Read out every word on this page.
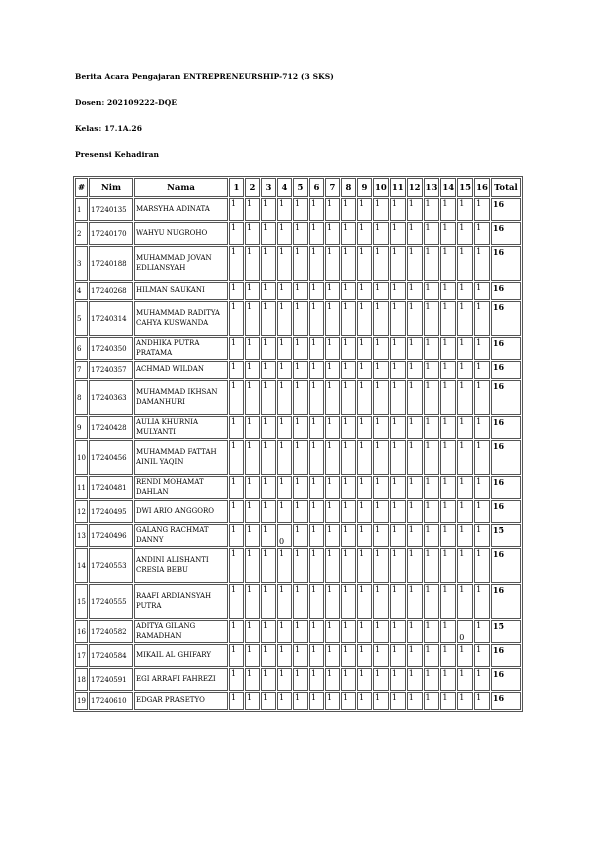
Berita Acara Pengajaran ENTREPRENEURSHIP-712 (3 SKS)
Dosen: 202109222-DQE
Kelas: 17.1A.26
Presensi Kehadiran
#	Nim	Nama	1	2	3	4	5	6	7	8	9	10	11	12	13	14	15	16	Total
1	17240135	MARSYHA ADINATA	1	1	1	1	1	1	1	1	1	1	1	1	1	1	1	1	16
2	17240170	WAHYU NUGROHO	1	1	1	1	1	1	1	1	1	1	1	1	1	1	1	1	16
3	17240188	MUHAMMAD JOVAN EDLIANSYAH	1	1	1	1	1	1	1	1	1	1	1	1	1	1	1	1	16
4	17240268	HILMAN SAUKANI	1	1	1	1	1	1	1	1	1	1	1	1	1	1	1	1	16
5	17240314	MUHAMMAD RADITYA CAHYA KUSWANDA	1	1	1	1	1	1	1	1	1	1	1	1	1	1	1	1	16
6	17240350	ANDHIKA PUTRA PRATAMA	1	1	1	1	1	1	1	1	1	1	1	1	1	1	1	1	16
7	17240357	ACHMAD WILDAN	1	1	1	1	1	1	1	1	1	1	1	1	1	1	1	1	16
8	17240363	MUHAMMAD IKHSAN DAMANHURI	1	1	1	1	1	1	1	1	1	1	1	1	1	1	1	1	16
9	17240428	AULIA KHURNIA MULYANTI	1	1	1	1	1	1	1	1	1	1	1	1	1	1	1	1	16
10	17240456	MUHAMMAD FATTAH AINIL YAQIN	1	1	1	1	1	1	1	1	1	1	1	1	1	1	1	1	16
11	17240481	RENDI MOHAMAT DAHLAN	1	1	1	1	1	1	1	1	1	1	1	1	1	1	1	1	16
12	17240495	DWI ARIO ANGGORO	1	1	1	1	1	1	1	1	1	1	1	1	1	1	1	1	16
13	17240496	GALANG RACHMAT DANNY	1	1	1	0	1	1	1	1	1	1	1	1	1	1	1	1	15
14	17240553	ANDINI ALISHANTI CRESIA BEBU	1	1	1	1	1	1	1	1	1	1	1	1	1	1	1	1	16
15	17240555	RAAFI ARDIANSYAH PUTRA	1	1	1	1	1	1	1	1	1	1	1	1	1	1	1	1	16
16	17240582	ADITYA GILANG RAMADHAN	1	1	1	1	1	1	1	1	1	1	1	1	1	1	0	1	15
17	17240584	MIKAIL AL GHIFARY	1	1	1	1	1	1	1	1	1	1	1	1	1	1	1	1	16
18	17240591	EGI ARRAFI FAHREZI	1	1	1	1	1	1	1	1	1	1	1	1	1	1	1	1	16
19	17240610	EDGAR PRASETYO	1	1	1	1	1	1	1	1	1	1	1	1	1	1	1	1	16
